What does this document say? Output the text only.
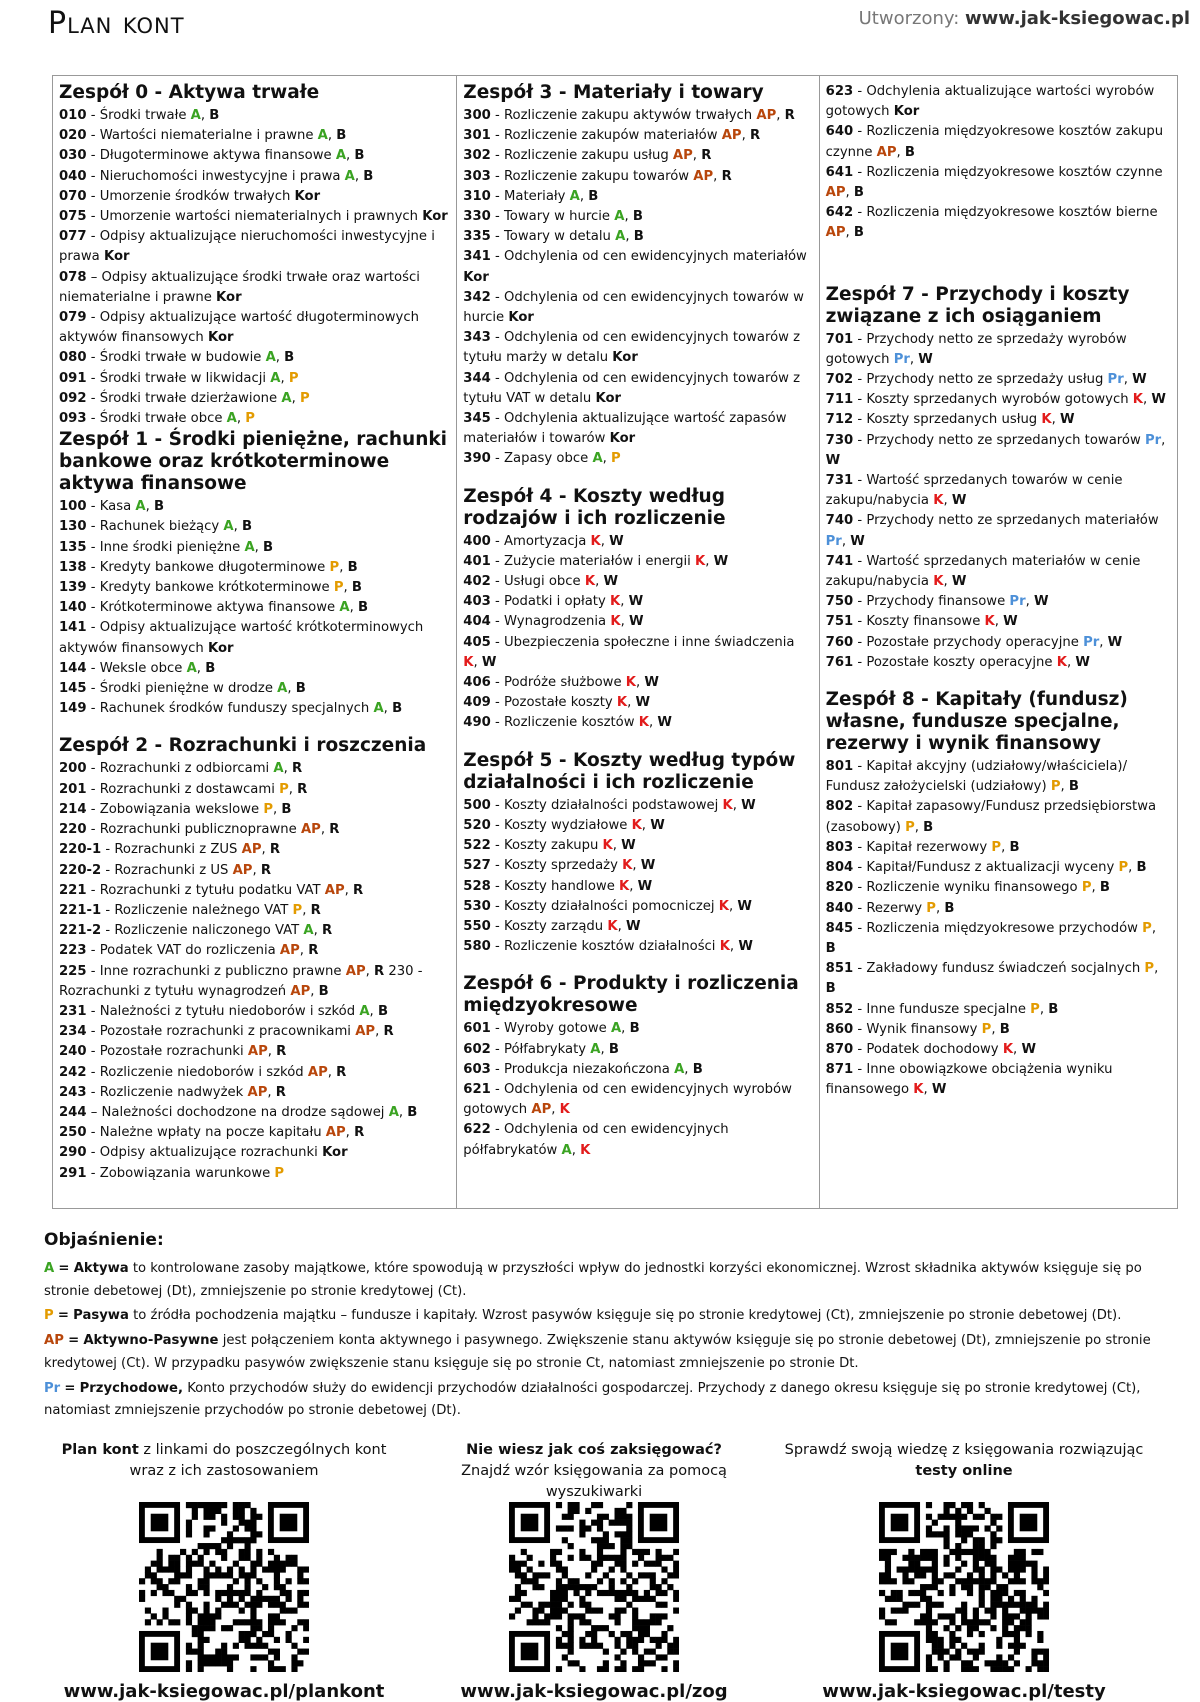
Plan kont	Utworzony: www.jak-ksiegowac.pl
Zespół 0 - Aktywa trwałe
010 - Środki trwałe A, B
020 - Wartości niematerialne i prawne A, B
030 - Długoterminowe aktywa finansowe A, B
040 - Nieruchomości inwestycyjne i prawa A, B
070 - Umorzenie środków trwałych Kor
075 - Umorzenie wartości niematerialnych i prawnych Kor
077 - Odpisy aktualizujące nieruchomości inwestycyjne i prawa Kor
078 – Odpisy aktualizujące środki trwałe oraz wartości niematerialne i prawne Kor
079 - Odpisy aktualizujące wartość długoterminowych aktywów finansowych Kor
080 - Środki trwałe w budowie A, B
091 - Środki trwałe w likwidacji A, P
092 - Środki trwałe dzierżawione A, P
093 - Środki trwałe obce A, P
Zespół 1 - Środki pieniężne, rachunki bankowe oraz krótkoterminowe aktywa finansowe
100 - Kasa A, B
130 - Rachunek bieżący A, B
135 - Inne środki pieniężne A, B
138 - Kredyty bankowe długoterminowe P, B
139 - Kredyty bankowe krótkoterminowe P, B
140 - Krótkoterminowe aktywa finansowe A, B
141 - Odpisy aktualizujące wartość krótkoterminowych aktywów finansowych Kor
144 - Weksle obce A, B
145 - Środki pieniężne w drodze A, B
149 - Rachunek środków funduszy specjalnych A, B
Zespół 2 - Rozrachunki i roszczenia
200 - Rozrachunki z odbiorcami A, R
201 - Rozrachunki z dostawcami P, R
214 - Zobowiązania wekslowe P, B
220 - Rozrachunki publicznoprawne AP, R
220-1 - Rozrachunki z ZUS AP, R
220-2 - Rozrachunki z US AP, R
221 - Rozrachunki z tytułu podatku VAT AP, R
221-1 - Rozliczenie należnego VAT P, R
221-2 - Rozliczenie naliczonego VAT A, R
223 - Podatek VAT do rozliczenia AP, R
225 - Inne rozrachunki z publiczno prawne AP, R 230 - Rozrachunki z tytułu wynagrodzeń AP, B
231 - Należności z tytułu niedoborów i szkód A, B
234 - Pozostałe rozrachunki z pracownikami AP, R
240 - Pozostałe rozrachunki AP, R
242 - Rozliczenie niedoborów i szkód AP, R
243 - Rozliczenie nadwyżek AP, R
244 – Należności dochodzone na drodze sądowej A, B
250 - Należne wpłaty na pocze kapitału AP, R
290 - Odpisy aktualizujące rozrachunki Kor
291 - Zobowiązania warunkowe P
Zespół 3 - Materiały i towary
300 - Rozliczenie zakupu aktywów trwałych AP, R
301 - Rozliczenie zakupów materiałów AP, R
302 - Rozliczenie zakupu usług AP, R
303 - Rozliczenie zakupu towarów AP, R
310 - Materiały A, B
330 - Towary w hurcie A, B
335 - Towary w detalu A, B
341 - Odchylenia od cen ewidencyjnych materiałów Kor
342 - Odchylenia od cen ewidencyjnych towarów w hurcie Kor
343 - Odchylenia od cen ewidencyjnych towarów z tytułu marży w detalu Kor
344 - Odchylenia od cen ewidencyjnych towarów z tytułu VAT w detalu Kor
345 - Odchylenia aktualizujące wartość zapasów materiałów i towarów Kor
390 - Zapasy obce A, P
Zespół 4 - Koszty według rodzajów i ich rozliczenie
400 - Amortyzacja K, W
401 - Zużycie materiałów i energii K, W
402 - Usługi obce K, W
403 - Podatki i opłaty K, W
404 - Wynagrodzenia K, W
405 - Ubezpieczenia społeczne i inne świadczenia K, W
406 - Podróże służbowe K, W
409 - Pozostałe koszty K, W
490 - Rozliczenie kosztów K, W
Zespół 5 - Koszty według typów działalności i ich rozliczenie
500 - Koszty działalności podstawowej K, W
520 - Koszty wydziałowe K, W
522 - Koszty zakupu K, W
527 - Koszty sprzedaży K, W
528 - Koszty handlowe K, W
530 - Koszty działalności pomocniczej K, W
550 - Koszty zarządu K, W
580 - Rozliczenie kosztów działalności K, W
Zespół 6 - Produkty i rozliczenia międzyokresowe
601 - Wyroby gotowe A, B
602 - Półfabrykaty A, B
603 - Produkcja niezakończona A, B
621 - Odchylenia od cen ewidencyjnych wyrobów gotowych AP, K
622 - Odchylenia od cen ewidencyjnych półfabrykatów A, K
623 - Odchylenia aktualizujące wartości wyrobów gotowych Kor
640 - Rozliczenia międzyokresowe kosztów zakupu czynne AP, B
641 - Rozliczenia międzyokresowe kosztów czynne AP, B
642 - Rozliczenia międzyokresowe kosztów bierne AP, B
Zespół 7 - Przychody i koszty związane z ich osiąganiem
701 - Przychody netto ze sprzedaży wyrobów gotowych Pr, W
702 - Przychody netto ze sprzedaży usług Pr, W
711 - Koszty sprzedanych wyrobów gotowych K, W
712 - Koszty sprzedanych usług K, W
730 - Przychody netto ze sprzedanych towarów Pr, W
731 - Wartość sprzedanych towarów w cenie zakupu/nabycia K, W
740 - Przychody netto ze sprzedanych materiałów Pr, W
741 - Wartość sprzedanych materiałów w cenie zakupu/nabycia K, W
750 - Przychody finansowe Pr, W
751 - Koszty finansowe K, W
760 - Pozostałe przychody operacyjne Pr, W
761 - Pozostałe koszty operacyjne K, W
Zespół 8 - Kapitały (fundusz) własne, fundusze specjalne, rezerwy i wynik finansowy
801 - Kapitał akcyjny (udziałowy/właściciela)/ Fundusz założycielski (udziałowy) P, B
802 - Kapitał zapasowy/Fundusz przedsiębiorstwa (zasobowy) P, B
803 - Kapitał rezerwowy P, B
804 - Kapitał/Fundusz z aktualizacji wyceny P, B
820 - Rozliczenie wyniku finansowego P, B
840 - Rezerwy P, B
845 - Rozliczenia międzyokresowe przychodów P, B
851 - Zakładowy fundusz świadczeń socjalnych P, B
852 - Inne fundusze specjalne P, B
860 - Wynik finansowy P, B
870 - Podatek dochodowy K, W
871 - Inne obowiązkowe obciążenia wyniku finansowego K, W
Objaśnienie:

A = Aktywa to kontrolowane zasoby majątkowe, które spowodują w przyszłości wpływ do jednostki korzyści ekonomicznej. Wzrost składnika aktywów księguje się po stronie debetowej (Dt), zmniejszenie po stronie kredytowej (Ct).

P = Pasywa to źródła pochodzenia majątku – fundusze i kapitały. Wzrost pasywów księguje się po stronie kredytowej (Ct), zmniejszenie po stronie debetowej (Dt).

AP = Aktywno-Pasywne jest połączeniem konta aktywnego i pasywnego. Zwiększenie stanu aktywów księguje się po stronie debetowej (Dt), zmniejszenie po stronie kredytowej (Ct). W przypadku pasywów zwiększenie stanu księguje się po stronie Ct, natomiast zmniejszenie po stronie Dt.

Pr = Przychodowe, Konto przychodów służy do ewidencji przychodów działalności gospodarczej. Przychody z danego okresu księguje się po stronie kredytowej (Ct), natomiast zmniejszenie przychodów po stronie debetowej (Dt).

Plan kont z linkami do poszczególnych kont wraz z ich zastosowaniem
www.jak-ksiegowac.pl/plankont
Nie wiesz jak coś zaksięgować?
Znajdź wzór księgowania za pomocą wyszukiwarki
www.jak-ksiegowac.pl/zog
Sprawdź swoją wiedzę z księgowania rozwiązując testy online
www.jak-ksiegowac.pl/testy
